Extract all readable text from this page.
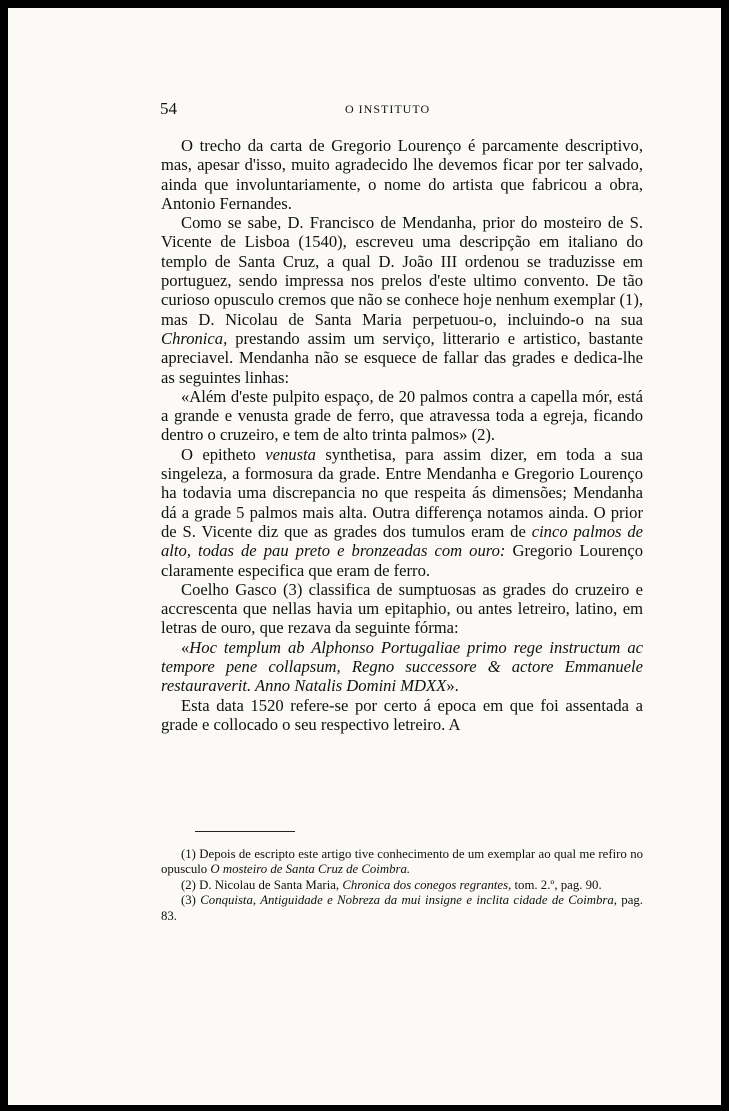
54	O INSTITUTO

O trecho da carta de Gregorio Lourenço é parcamente descriptivo, mas, apesar d'isso, muito agradecido lhe devemos ficar por ter salvado, ainda que involuntariamente, o nome do artista que fabricou a obra, Antonio Fernandes.

Como se sabe, D. Francisco de Mendanha, prior do mosteiro de S. Vicente de Lisboa (1540), escreveu uma descripção em italiano do templo de Santa Cruz, a qual D. João III ordenou se traduzisse em portuguez, sendo impressa nos prelos d'este ultimo convento. De tão curioso opusculo cremos que não se conhece hoje nenhum exemplar (1), mas D. Nicolau de Santa Maria perpetuou-o, incluindo-o na sua Chronica, prestando assim um serviço, litterario e artistico, bastante apreciavel. Mendanha não se esquece de fallar das grades e dedica-lhe as seguintes linhas:

«Além d'este pulpito espaço, de 20 palmos contra a capella mór, está a grande e venusta grade de ferro, que atravessa toda a egreja, ficando dentro o cruzeiro, e tem de alto trinta palmos» (2).

O epitheto venusta synthetisa, para assim dizer, em toda a sua singeleza, a formosura da grade. Entre Mendanha e Gregorio Lourenço ha todavia uma discrepancia no que respeita ás dimensões; Mendanha dá a grade 5 palmos mais alta. Outra differença notamos ainda. O prior de S. Vicente diz que as grades dos tumulos eram de cinco palmos de alto, todas de pau preto e bronzeadas com ouro: Gregorio Lourenço claramente especifica que eram de ferro.

Coelho Gasco (3) classifica de sumptuosas as grades do cruzeiro e accrescenta que nellas havia um epitaphio, ou antes letreiro, latino, em letras de ouro, que rezava da seguinte fórma:

«Hoc templum ab Alphonso Portugaliae primo rege instructum ac tempore pene collapsum, Regno successore & actore Emmanuele restauraverit. Anno Natalis Domini MDXX».

Esta data 1520 refere-se por certo á epoca em que foi assentada a grade e collocado o seu respectivo letreiro. A

(1) Depois de escripto este artigo tive conhecimento de um exemplar ao qual me refiro no opusculo O mosteiro de Santa Cruz de Coimbra.

(2) D. Nicolau de Santa Maria, Chronica dos conegos regrantes, tom. 2.º, pag. 90.

(3) Conquista, Antiguidade e Nobreza da mui insigne e inclita cidade de Coimbra, pag. 83.
